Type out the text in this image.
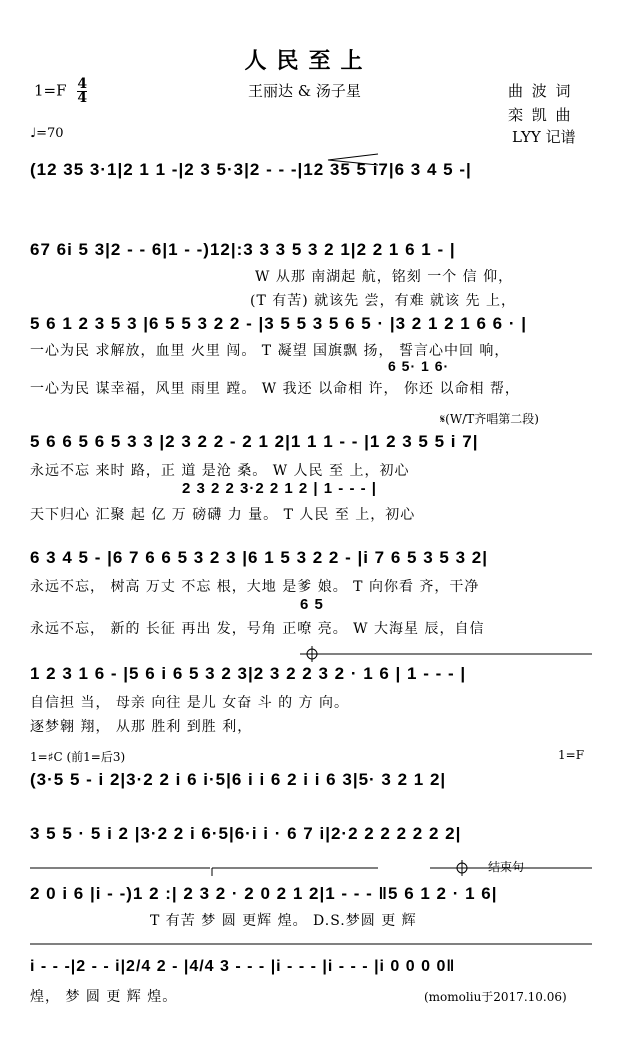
人民至上
$1=F \frac{4}{4}$	王丽达 & 汤子星	曲 波 词
栾 凯 曲
♩=70	LYY 记谱
(12 35 3·1|2 1 1 -|2 3 5·3|2 - - -|12 35 5 i7|6 3 4 5 -|
67 6i 5 3|2 - - 6|1 - -)12|:3 3 3 5 3 2 1|2 2 1 6 1 - |
W 从那 南湖起 航，铭刻 一个 信 仰，
(T 有苦) 就该先 尝，有难 就该 先 上，
5 6 1 2 3 5 3 |6 5 5 3 2 2 - |3 5 5 3 5 6 5 · |3 2 1 2 1 6 6 · |
一心为民 求解放，血里 火里 闯。 T 凝望 国旗飘 扬， 誓言心中回 响，
6 5· 1 6·
一心为民 谋幸福，风里 雨里 蹚。 W 我还 以命相 许， 你还 以命相 帮，
𝄋(W/T齐唱第二段)
5 6 6 5 6 5 3 3 |2 3 2 2 - 2 1 2|1 1 1 - - |1 2 3 5 5 i 7|
永远不忘 来时 路，正 道 是沧 桑。 W 人民 至 上，初心
2 3 2 2 3·2 2 1 2 | 1 - - - |
天下归心 汇聚 起 亿 万 磅礴 力 量。 T 人民 至 上，初心
6 3 4 5 - |6 7 6 6 5 3 2 3 |6 1 5 3 2 2 - |i 7 6 5 3 5 3 2|
永远不忘， 树高 万丈 不忘 根，大地 是爹 娘。 T 向你看 齐，干净
6 5
永远不忘， 新的 长征 再出 发，号角 正嘹 亮。 W 大海星 辰，自信
1 2 3 1 6 - |5 6 i 6 5 3 2 3|2 3 2 2 3 2 · 1 6 | 1 - - - |
自信担 当， 母亲 向往 是儿 女奋 斗 的 方 向。
逐梦翱 翔， 从那 胜利 到胜 利，
1=♯C (前1=后3)	1=F
(3·5 5 - i 2|3·2 2 i 6 i·5|6 i i 6 2 i i 6 3|5· 3 2 1 2|
3 5 5 · 5 i 2 |3·2 2 i 6·5|6·i i · 6 7 i|2·2 2 2 2 2 2 2|
结束句
2 0 i 6 |i - -)1 2 :| 2 3 2 · 2 0 2 1 2|1 - - - ‖5 6 1 2 · 1 6|
T 有苦 梦 圆 更辉 煌。 D.S.梦圆 更 辉
i - - -|2 - - i|2/4 2 - |4/4 3 - - - |i - - - |i - - - |i 0 0 0 0‖
煌， 梦 圆 更 辉 煌。	(momoliu于2017.10.06)
